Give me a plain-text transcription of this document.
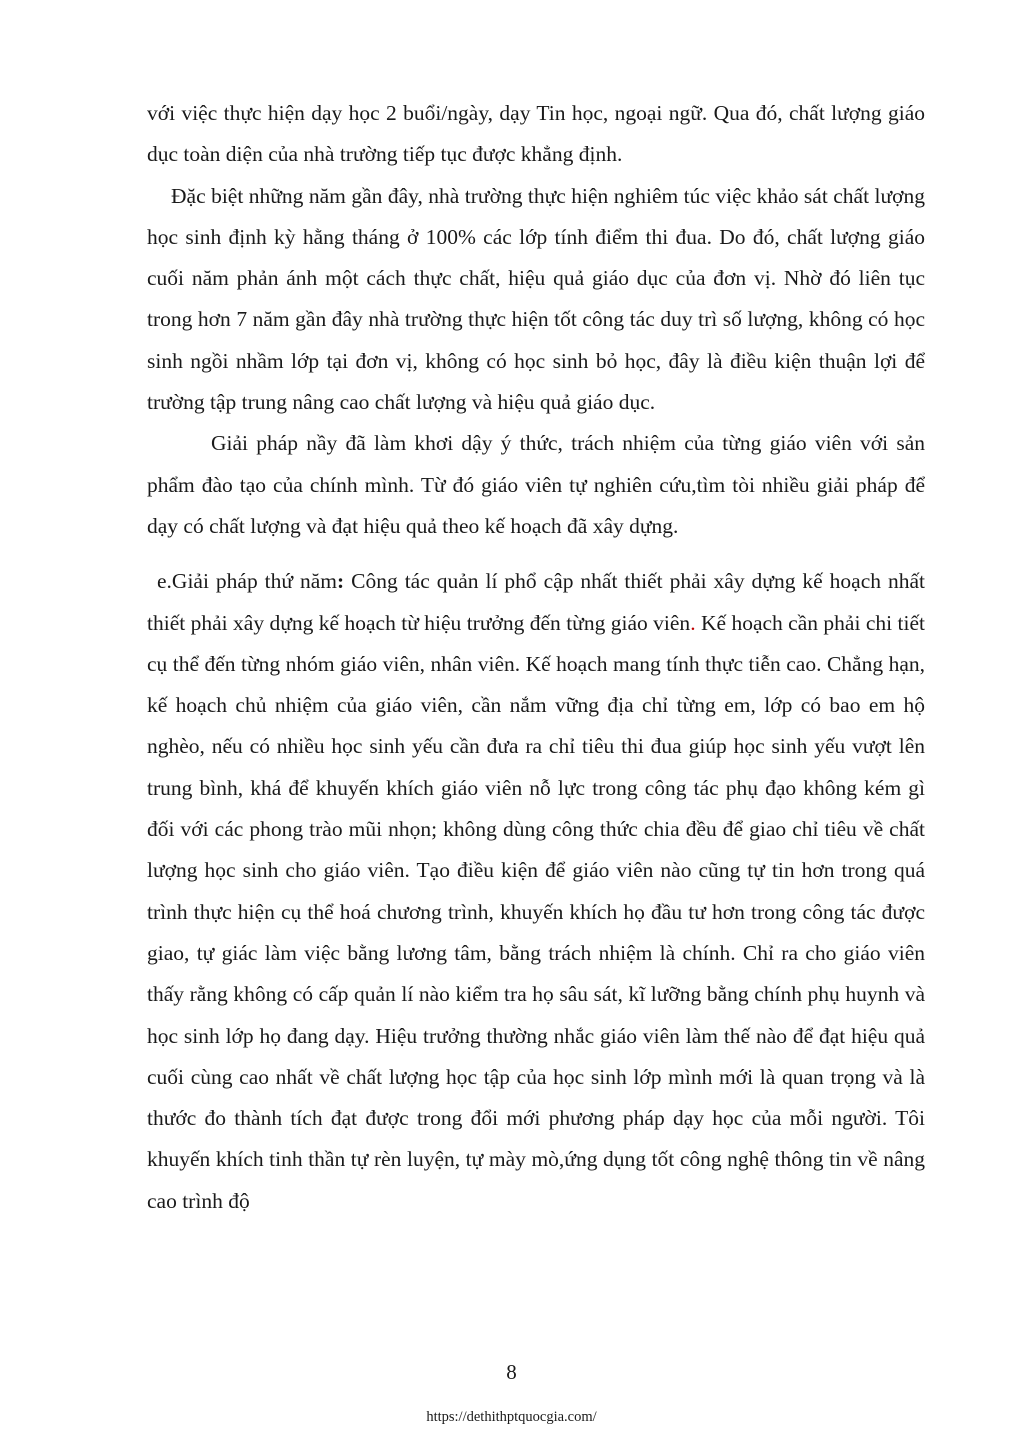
với việc thực hiện dạy học 2 buổi/ngày, dạy Tin học, ngoại ngữ. Qua đó, chất lượng giáo dục toàn diện của nhà trường tiếp tục được khẳng định.

Đặc biệt những năm gần đây, nhà trường thực hiện nghiêm túc việc khảo sát chất lượng học sinh định kỳ hằng tháng ở 100% các lớp tính điểm thi đua. Do đó, chất lượng giáo cuối năm phản ánh một cách thực chất, hiệu quả giáo dục của đơn vị. Nhờ đó liên tục trong hơn 7 năm gần đây nhà trường thực hiện tốt công tác duy trì số lượng, không có học sinh ngồi nhầm lớp tại đơn vị, không có học sinh bỏ học, đây là điều kiện thuận lợi để trường tập trung nâng cao chất lượng và hiệu quả giáo dục.

Giải pháp nầy đã làm khơi dậy ý thức, trách nhiệm của từng giáo viên với sản phẩm đào tạo của chính mình. Từ đó giáo viên tự nghiên cứu,tìm tòi nhiều giải pháp để dạy có chất lượng và đạt hiệu quả theo kế hoạch đã xây dựng.

e.Giải pháp thứ năm: Công tác quản lí phổ cập nhất thiết phải xây dựng kế hoạch nhất thiết phải xây dựng kế hoạch từ hiệu trưởng đến từng giáo viên. Kế hoạch cần phải chi tiết cụ thể đến từng nhóm giáo viên, nhân viên. Kế hoạch mang tính thực tiễn cao. Chẳng hạn, kế hoạch chủ nhiệm của giáo viên, cần nắm vững địa chỉ từng em, lớp có bao em hộ nghèo, nếu có nhiều học sinh yếu cần đưa ra chỉ tiêu thi đua giúp học sinh yếu vượt lên trung bình, khá để khuyến khích giáo viên nỗ lực trong công tác phụ đạo không kém gì đối với các phong trào mũi nhọn; không dùng công thức chia đều để giao chỉ tiêu về chất lượng học sinh cho giáo viên. Tạo điều kiện để giáo viên nào cũng tự tin hơn trong quá trình thực hiện cụ thể hoá chương trình, khuyến khích họ đầu tư hơn trong công tác được giao, tự giác làm việc bằng lương tâm, bằng trách nhiệm là chính. Chỉ ra cho giáo viên thấy rằng không có cấp quản lí nào kiểm tra họ sâu sát, kĩ lưỡng bằng chính phụ huynh và học sinh lớp họ đang dạy. Hiệu trưởng thường nhắc giáo viên làm thế nào để đạt hiệu quả cuối cùng cao nhất về chất lượng học tập của học sinh lớp mình mới là quan trọng và là thước đo thành tích đạt được trong đổi mới phương pháp dạy học của mỗi người. Tôi khuyến khích tinh thần tự rèn luyện, tự mày mò,ứng dụng tốt công nghệ thông tin về nâng cao trình độ

8
https://dethithptquocgia.com/
